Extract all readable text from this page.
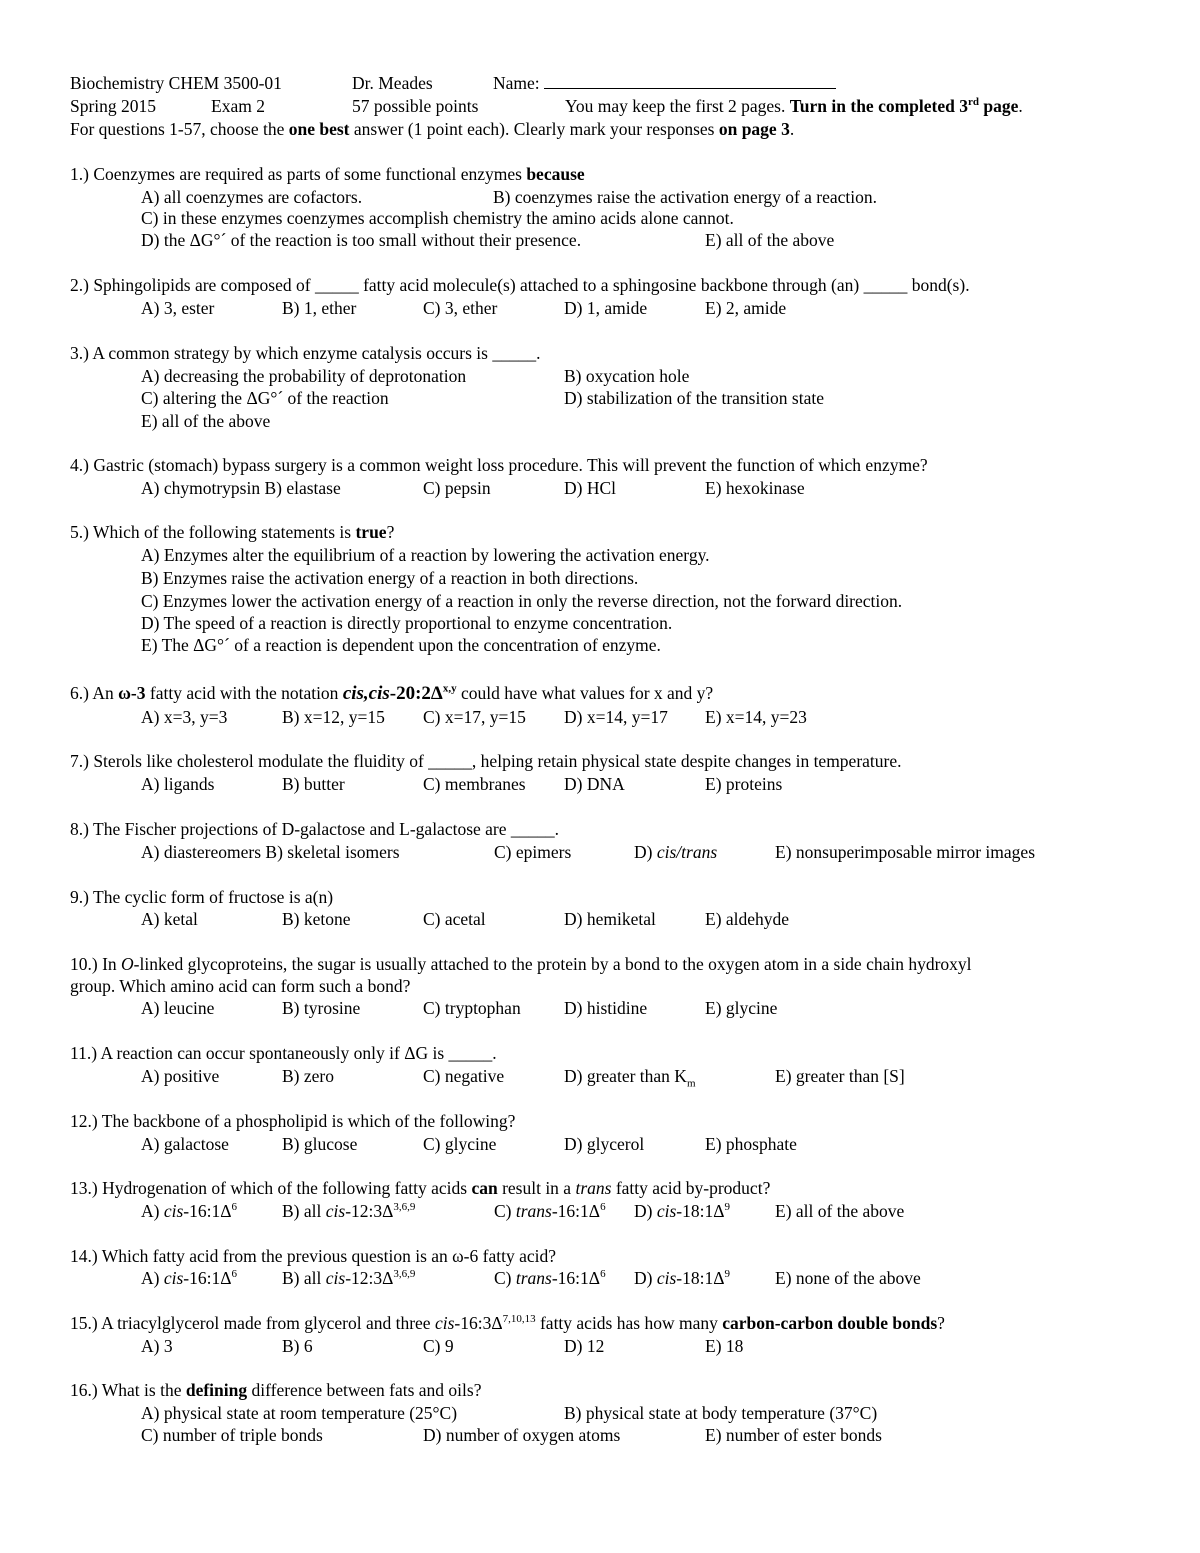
Biochemistry CHEM 3500-01	Dr. Meades	Name:
Spring 2015	Exam 2	57 possible points	You may keep the first 2 pages. Turn in the completed 3rd page.
For questions 1-57, choose the one best answer (1 point each). Clearly mark your responses on page 3.
1.) Coenzymes are required as parts of some functional enzymes because
A) all coenzymes are cofactors.	B) coenzymes raise the activation energy of a reaction.
C) in these enzymes coenzymes accomplish chemistry the amino acids alone cannot.
D) the ΔG°´ of the reaction is too small without their presence.	E) all of the above
2.) Sphingolipids are composed of _____ fatty acid molecule(s) attached to a sphingosine backbone through (an) _____ bond(s).
A) 3, ester	B) 1, ether	C) 3, ether	D) 1, amide	E) 2, amide
3.) A common strategy by which enzyme catalysis occurs is _____.
A) decreasing the probability of deprotonation	B) oxycation hole
C) altering the ΔG°´ of the reaction	D) stabilization of the transition state
E) all of the above
4.) Gastric (stomach) bypass surgery is a common weight loss procedure. This will prevent the function of which enzyme?
A) chymotrypsin B) elastase	C) pepsin	D) HCl	E) hexokinase
5.) Which of the following statements is true?
A) Enzymes alter the equilibrium of a reaction by lowering the activation energy.
B) Enzymes raise the activation energy of a reaction in both directions.
C) Enzymes lower the activation energy of a reaction in only the reverse direction, not the forward direction.
D) The speed of a reaction is directly proportional to enzyme concentration.
E) The ΔG°´ of a reaction is dependent upon the concentration of enzyme.
6.) An ω-3 fatty acid with the notation $cis,cis-20:2\Delta^{x,y}$ could have what values for x and y?
A) x=3, y=3	B) x=12, y=15 C) x=17, y=15 D) x=14, y=17 E) x=14, y=23
7.) Sterols like cholesterol modulate the fluidity of _____, helping retain physical state despite changes in temperature.
A) ligands	B) butter	C) membranes D) DNA	E) proteins
8.) The Fischer projections of D-galactose and L-galactose are _____.
A) diastereomers B) skeletal isomers	C) epimers	D) cis/trans	E) nonsuperimposable mirror images
9.) The cyclic form of fructose is a(n)
A) ketal	B) ketone	C) acetal	D) hemiketal	E) aldehyde
10.) In O-linked glycoproteins, the sugar is usually attached to the protein by a bond to the oxygen atom in a side chain hydroxyl
group. Which amino acid can form such a bond?
A) leucine	B) tyrosine	C) tryptophan D) histidine	E) glycine
11.) A reaction can occur spontaneously only if ΔG is _____.
A) positive	B) zero	C) negative	D) greater than $K_m$	E) greater than [S]
12.) The backbone of a phospholipid is which of the following?
A) galactose	B) glucose	C) glycine	D) glycerol	E) phosphate
13.) Hydrogenation of which of the following fatty acids can result in a trans fatty acid by-product?
A) cis-$16:1\Delta^6$	B) all cis-$12:3\Delta^{3,6,9}$	C) trans-$16:1\Delta^6$ D) cis-$18:1\Delta^9$	E) all of the above
14.) Which fatty acid from the previous question is an ω-6 fatty acid?
A) cis-$16:1\Delta^6$	B) all cis-$12:3\Delta^{3,6,9}$	C) trans-$16:1\Delta^6$ D) cis-$18:1\Delta^9$	E) none of the above
15.) A triacylglycerol made from glycerol and three cis-$16:3\Delta^{7,10,13}$ fatty acids has how many carbon-carbon double bonds?
A) 3	B) 6	C) 9	D) 12	E) 18
16.) What is the defining difference between fats and oils?
A) physical state at room temperature (25°C)	B) physical state at body temperature (37°C)
C) number of triple bonds	D) number of oxygen atoms	E) number of ester bonds
